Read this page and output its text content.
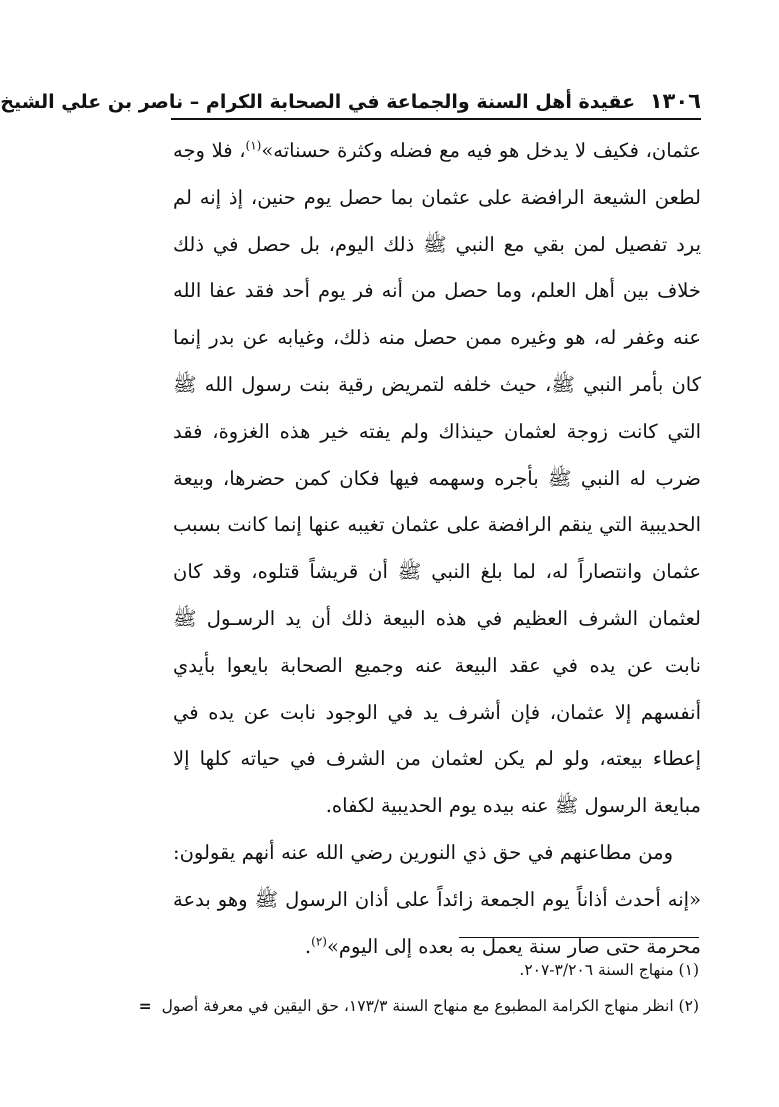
١٣٠٦ عقيدة أهل السنة والجماعة في الصحابة الكرام – ناصر بن علي الشيخ

عثمان، فكيف لا يدخل هو فيه مع فضله وكثرة حسناته»$^{(١)}$، فلا وجه لطعن الشيعة الرافضة على عثمان بما حصل يوم حنين، إذ إنه لم يرد تفصيل لمن بقي مع النبي ﷺ ذلك اليوم، بل حصل في ذلك خلاف بين أهل العلم، وما حصل من أنه فر يوم أحد فقد عفا الله عنه وغفر له، هو وغيره ممن حصل منه ذلك، وغيابه عن بدر إنما كان بأمر النبي ﷺ، حيث خلفه لتمريض رقية بنت رسول الله ﷺ التي كانت زوجة لعثمان حينذاك ولم يفته خير هذه الغزوة، فقد ضرب له النبي ﷺ بأجره وسهمه فيها فكان كمن حضرها، وبيعة الحديبية التي ينقم الرافضة على عثمان تغيبه عنها إنما كانت بسبب عثمان وانتصاراً له، لما بلغ النبي ﷺ أن قريشاً قتلوه، وقد كان لعثمان الشرف العظيم في هذه البيعة ذلك أن يد الرسـول ﷺ نابت عن يده في عقد البيعة عنه وجميع الصحابة بايعوا بأيدي أنفسهم إلا عثمان، فإن أشرف يد في الوجود نابت عن يده في إعطاء بيعته، ولو لم يكن لعثمان من الشرف في حياته كلها إلا مبايعة الرسول ﷺ عنه بيده يوم الحديبية لكفاه.

ومن مطاعنهم في حق ذي النورين رضي الله عنه أنهم يقولون: «إنه أحدث أذاناً يوم الجمعة زائداً على أذان الرسول ﷺ وهو بدعة محرمة حتى صار سنة يعمل به بعده إلى اليوم»$^{(٢)}$.

(١) منهاج السنة ٣/٢٠٦-٢٠٧.

(٢) انظر منهاج الكرامة المطبوع مع منهاج السنة ١٧٣/٣، حق اليقين في معرفة أصول=
